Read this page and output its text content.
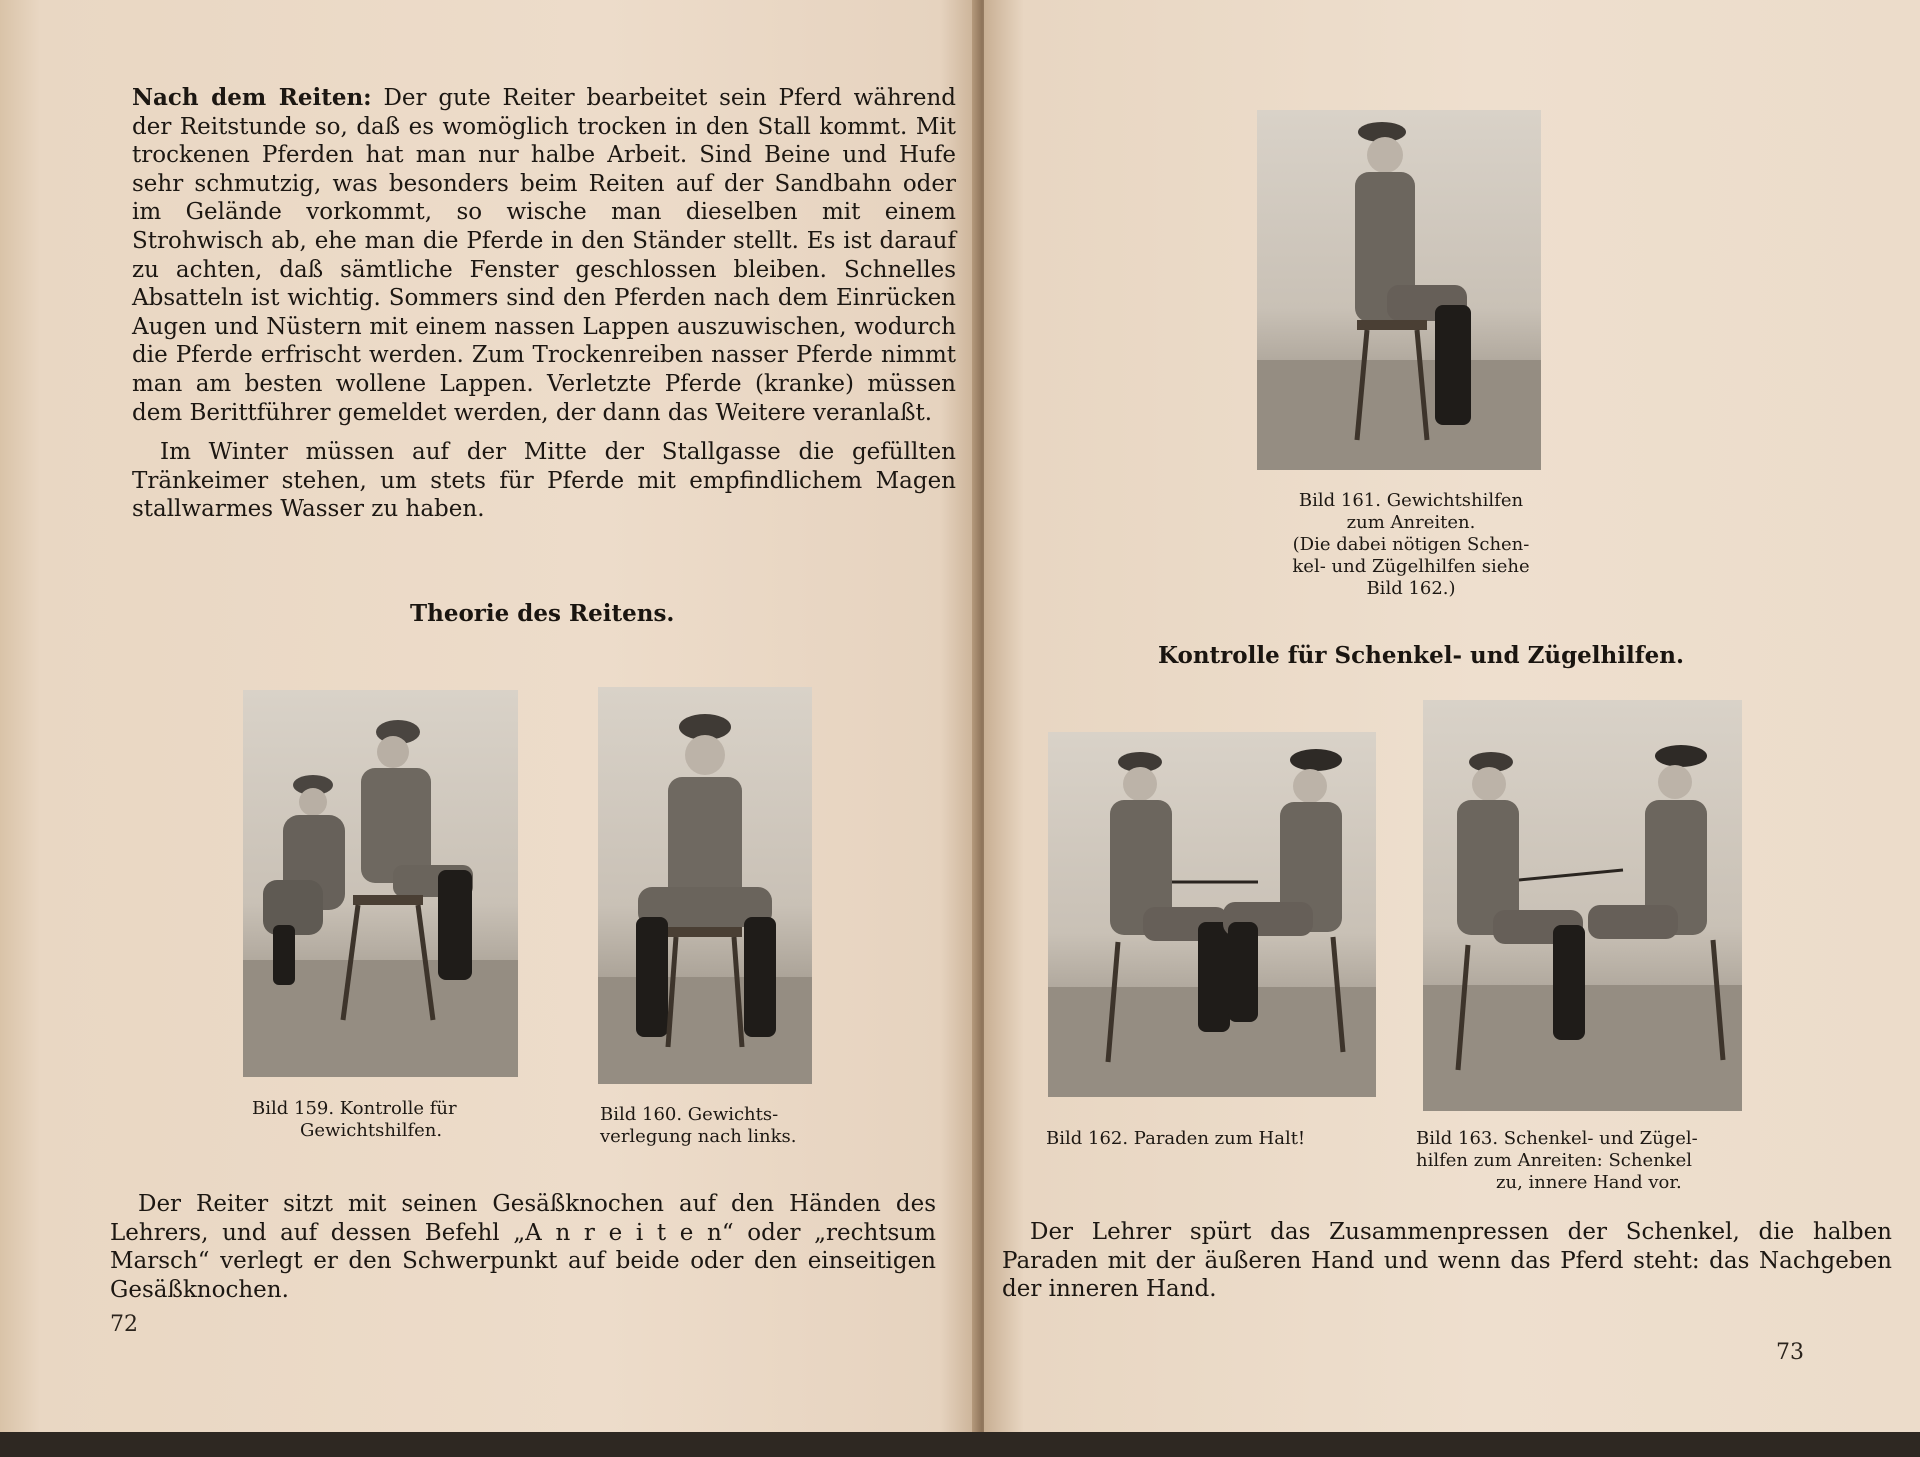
Nach dem Reiten: Der gute Reiter bearbeitet sein Pferd während der Reitstunde so, daß es womöglich trocken in den Stall kommt. Mit trockenen Pferden hat man nur halbe Arbeit. Sind Beine und Hufe sehr schmutzig, was besonders beim Reiten auf der Sandbahn oder im Gelände vorkommt, so wische man dieselben mit einem Strohwisch ab, ehe man die Pferde in den Ständer stellt. Es ist darauf zu achten, daß sämtliche Fenster geschlossen bleiben. Schnelles Absatteln ist wichtig. Sommers sind den Pferden nach dem Einrücken Augen und Nüstern mit einem nassen Lappen auszuwischen, wodurch die Pferde erfrischt werden. Zum Trockenreiben nasser Pferde nimmt man am besten wollene Lappen. Verletzte Pferde (kranke) müssen dem Berittführer gemeldet werden, der dann das Weitere veranlaßt.

Im Winter müssen auf der Mitte der Stallgasse die gefüllten Tränkeimer stehen, um stets für Pferde mit empfindlichem Magen stallwarmes Wasser zu haben.

Theorie des Reitens.

Bild 159. Kontrolle für
Gewichtshilfen.

Bild 160. Gewichts-
verlegung nach links.

Der Reiter sitzt mit seinen Gesäßknochen auf den Händen des Lehrers, und auf dessen Befehl „A n r e i t e n“ oder „rechtsum Marsch“ verlegt er den Schwerpunkt auf beide oder den einseitigen Gesäßknochen.

72

Bild 161. Gewichtshilfen
zum Anreiten.
(Die dabei nötigen Schen-
kel- und Zügelhilfen siehe
Bild 162.)

Kontrolle für Schenkel- und Zügelhilfen.

Bild 162. Paraden zum Halt!	Bild 163. Schenkel- und Zügel-
hilfen zum Anreiten: Schenkel
zu, innere Hand vor.

Der Lehrer spürt das Zusammenpressen der Schenkel, die halben Paraden mit der äußeren Hand und wenn das Pferd steht: das Nachgeben der inneren Hand.

73
